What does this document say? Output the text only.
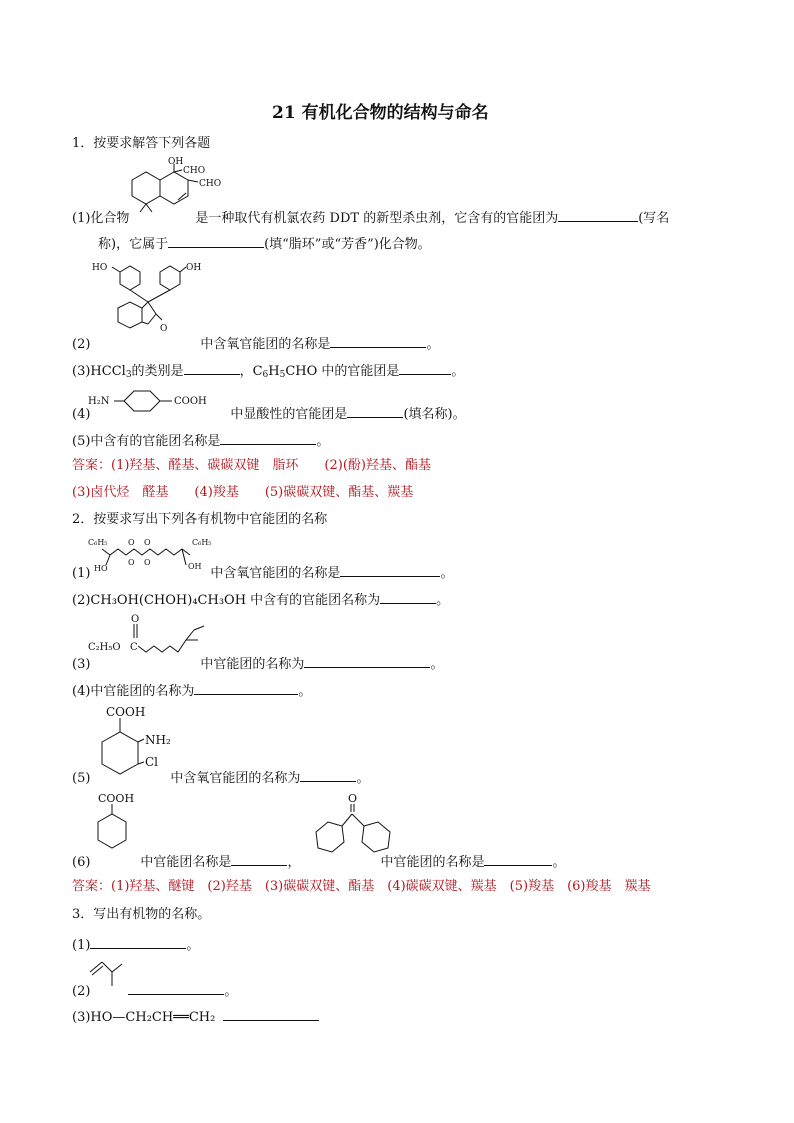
21 有机化合物的结构与命名
1．按要求解答下列各题
OH
CHO
CHO
(1)化合物	是一种取代有机氯农药 DDT 的新型杀虫剂，它含有的官能团为	(写名
称)，它属于	(填“脂环”或“芳香”)化合物。
HO	OH
O
(2)	中含氧官能团的名称是	。
(3)HCCl$_3$的类别是	，$C_6H_5CHO$ 中的官能团是	。
H₂N	COOH
(4)	中显酸性的官能团是	(填名称)。
(5)中含有的官能团名称是	。
答案：(1)羟基、醛基、碳碳双键　脂环　　(2)(酚)羟基、酯基
(3)卤代烃　醛基　　(4)羧基　　(5)碳碳双键、酯基、羰基
2．按要求写出下列各有机物中官能团的名称
C₆H₅	C₆H₅
HO	OH
O O
O O
(1)	中含氧官能团的名称是	。
(2)CH₃OH(CHOH)₄CH₃OH 中含有的官能团名称为	。
C₂H₅O C
O
(3)	中官能团的名称为	。
(4)中官能团的名称为	。
COOH
NH₂
Cl
(5)	中含氧官能团的名称为	。
COOH	O
(6)	中官能团名称是	，	中官能团的名称是	。
答案：(1)羟基、醚键　(2)羟基　(3)碳碳双键、酯基　(4)碳碳双键、羰基　(5)羧基　(6)羧基　羰基
3．写出有机物的名称。
(1)	。
(2)	。
(3)HO—CH₂CH══CH₂
